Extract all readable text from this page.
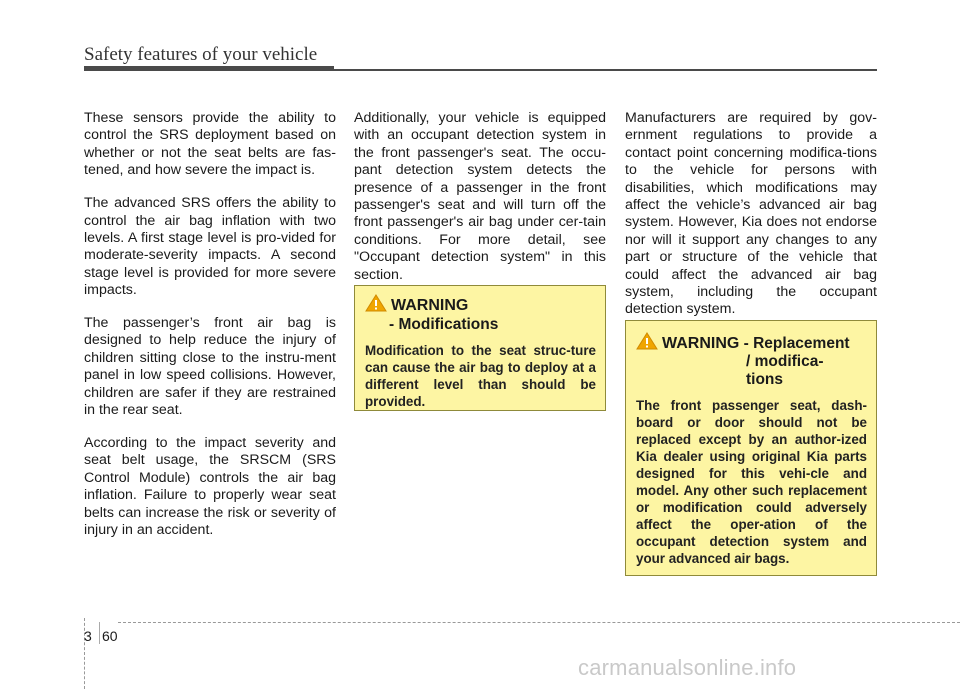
Safety features of your vehicle

These sensors provide the ability to control the SRS deployment based on whether or not the seat belts are fas-tened, and how severe the impact is.

The advanced SRS offers the ability to control the air bag inflation with two levels. A first stage level is pro-vided for moderate-severity impacts. A second stage level is provided for more severe impacts.

The passenger’s front air bag is designed to help reduce the injury of children sitting close to the instru-ment panel in low speed collisions. However, children are safer if they are restrained in the rear seat.

According to the impact severity and seat belt usage, the SRSCM (SRS Control Module) controls the air bag inflation. Failure to properly wear seat belts can increase the risk or severity of injury in an accident.

Additionally, your vehicle is equipped with an occupant detection system in the front passenger's seat. The occu-pant detection system detects the presence of a passenger in the front passenger's seat and will turn off the front passenger's air bag under cer-tain conditions. For more detail, see "Occupant detection system" in this section.

Manufacturers are required by gov-ernment regulations to provide a contact point concerning modifica-tions to the vehicle for persons with disabilities, which modifications may affect the vehicle’s advanced air bag system. However, Kia does not endorse nor will it support any changes to any part or structure of the vehicle that could affect the advanced air bag system, including the occupant detection system.

WARNING
- Modifications
Modification to the seat struc-ture can cause the air bag to deploy at a different level than should be provided.
WARNING - Replacement
/ modifica-
tions
The front passenger seat, dash-board or door should not be replaced except by an author-ized Kia dealer using original Kia parts designed for this vehi-cle and model. Any other such replacement or modification could adversely affect the oper-ation of the occupant detection system and your advanced air bags.
3 60
carmanualsonline.info
